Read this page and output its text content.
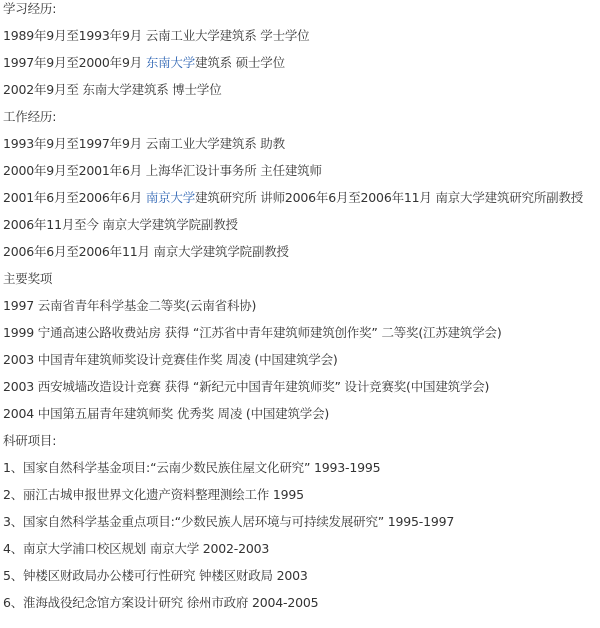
学习经历:
1989年9月至1993年9月 云南工业大学建筑系 学士学位
1997年9月至2000年9月 东南大学建筑系 硕士学位
2002年9月至 东南大学建筑系 博士学位
工作经历:
1993年9月至1997年9月 云南工业大学建筑系 助教
2000年9月至2001年6月 上海华汇设计事务所 主任建筑师
2001年6月至2006年6月 南京大学建筑研究所 讲师2006年6月至2006年11月 南京大学建筑研究所副教授
2006年11月至今 南京大学建筑学院副教授
2006年6月至2006年11月 南京大学建筑学院副教授
主要奖项
1997 云南省青年科学基金二等奖(云南省科协)
1999 宁通高速公路收费站房 获得 “江苏省中青年建筑师建筑创作奖” 二等奖(江苏建筑学会)
2003 中国青年建筑师奖设计竞赛佳作奖 周凌 (中国建筑学会)
2003 西安城墙改造设计竞赛 获得 “新纪元中国青年建筑师奖” 设计竞赛奖(中国建筑学会)
2004 中国第五届青年建筑师奖 优秀奖 周凌 (中国建筑学会)
科研项目:
1、国家自然科学基金项目:“云南少数民族住屋文化研究” 1993-1995
2、丽江古城申报世界文化遗产资料整理测绘工作 1995
3、国家自然科学基金重点项目:“少数民族人居环境与可持续发展研究” 1995-1997
4、南京大学浦口校区规划 南京大学 2002-2003
5、钟楼区财政局办公楼可行性研究 钟楼区财政局 2003
6、淮海战役纪念馆方案设计研究 徐州市政府 2004-2005
